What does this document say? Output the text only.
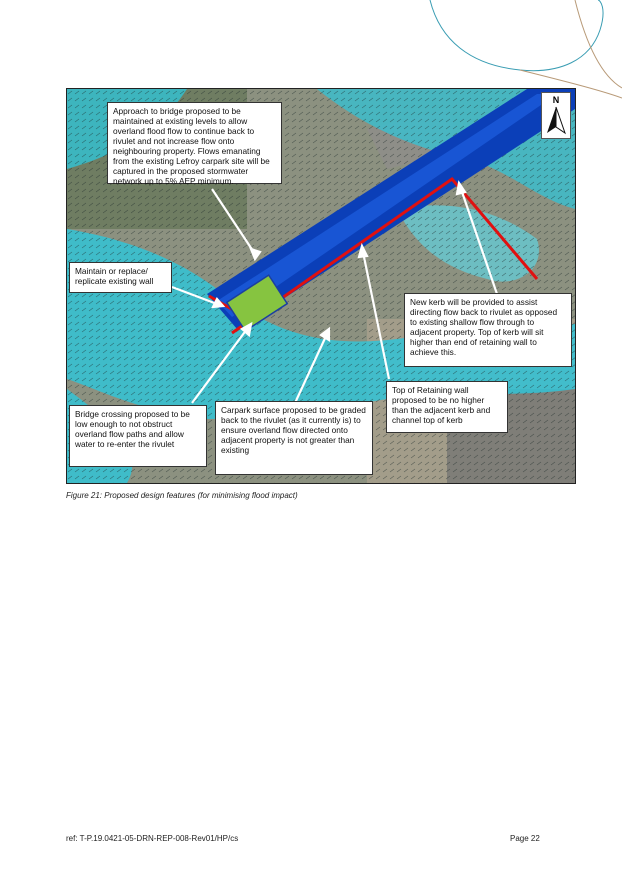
Approach to bridge proposed to be maintained at existing levels to allow overland flood flow to continue back to rivulet and not increase flow onto neighbouring property. Flows emanating from the existing Lefroy carpark site will be captured in the proposed stormwater network up to 5% AEP minimum.
Maintain or replace/ replicate existing wall
New kerb will be provided to assist directing flow back to rivulet as opposed to existing shallow flow through to adjacent property. Top of kerb will sit higher than end of retaining wall to achieve this.
Top of Retaining wall proposed to be no higher than the adjacent kerb and channel top of kerb
Bridge crossing proposed to be low enough to not obstruct overland flow paths and allow water to re-enter the rivulet
Carpark surface proposed to be graded back to the rivulet (as it currently is) to ensure overland flow directed onto adjacent property is not greater than existing
N
Figure 21: Proposed design features (for minimising flood impact)
ref: T-P.19.0421-05-DRN-REP-008-Rev01/HP/cs	Page 22
